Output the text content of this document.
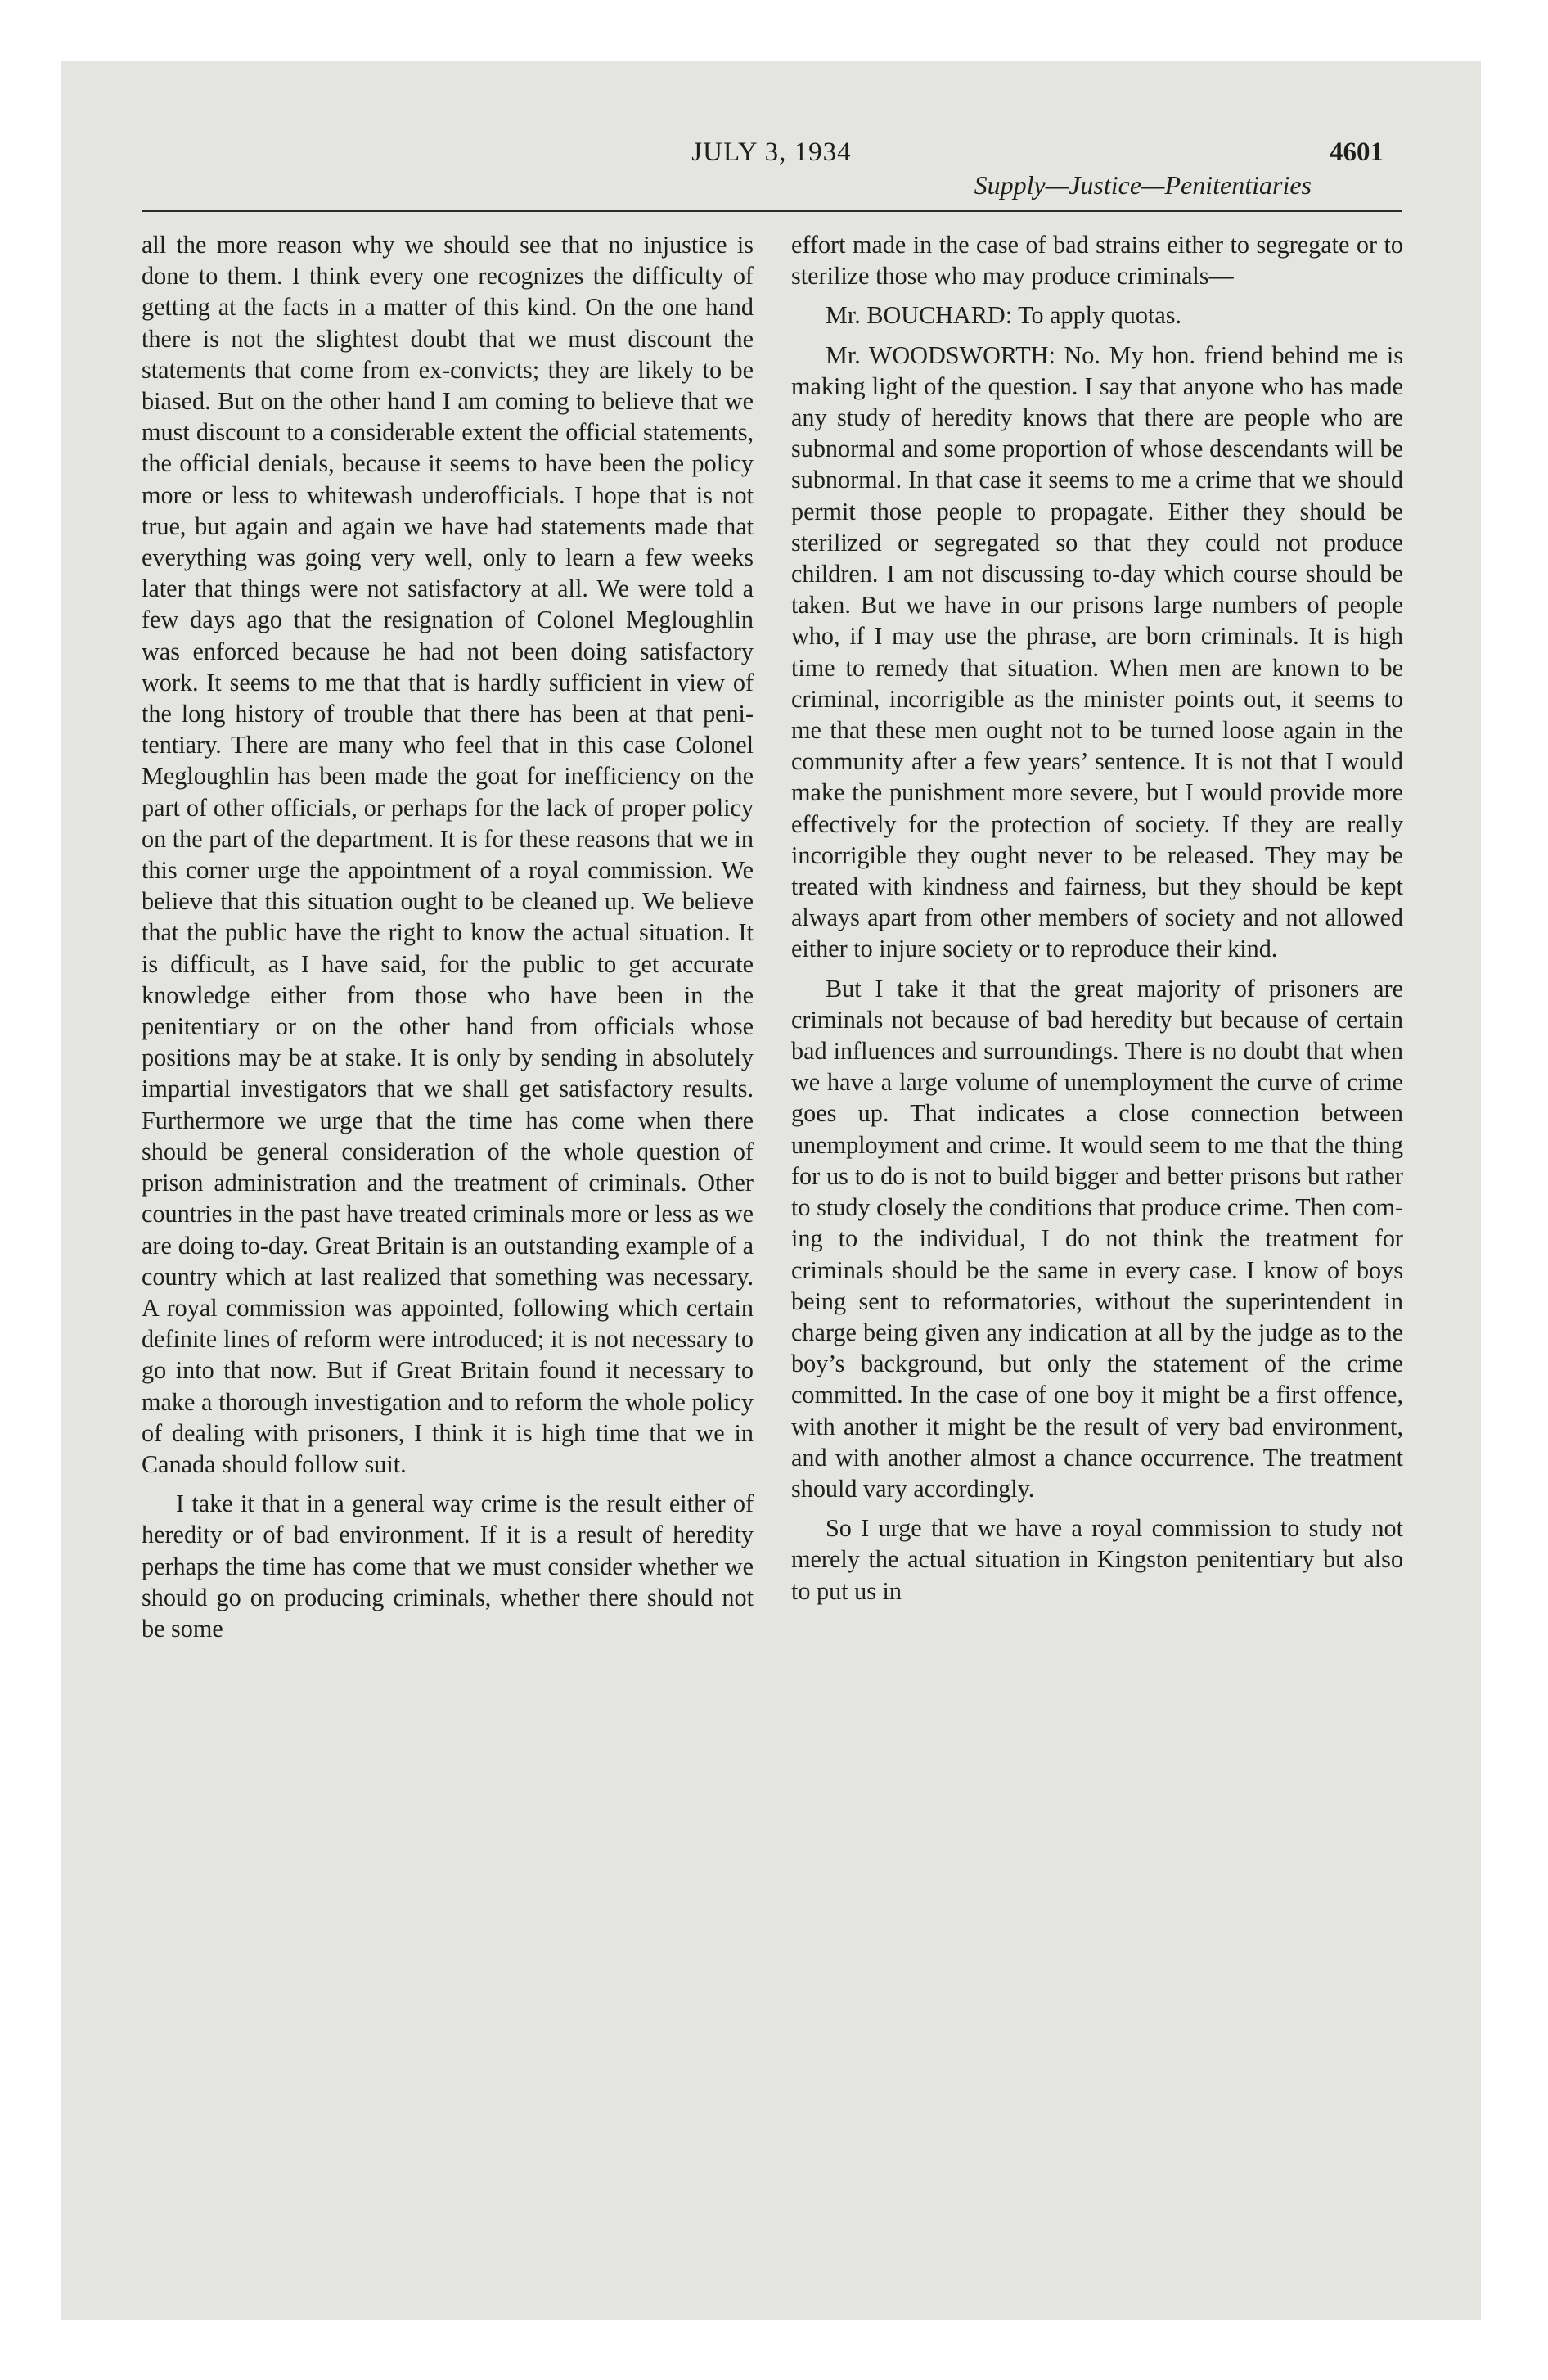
JULY 3, 1934	4601
Supply—Justice—Penitentiaries

all the more reason why we should see that no injustice is done to them. I think every one recognizes the difficulty of getting at the facts in a matter of this kind. On the one hand there is not the slightest doubt that we must discount the statements that come from ex-convicts; they are likely to be biased. But on the other hand I am coming to believe that we must discount to a considerable extent the official statements, the official denials, because it seems to have been the policy more or less to whitewash underofficials. I hope that is not true, but again and again we have had statements made that everything was going very well, only to learn a few weeks later that things were not satisfactory at all. We were told a few days ago that the resignation of Colonel Megloughlin was enforced because he had not been doing satisfactory work. It seems to me that that is hardly sufficient in view of the long history of trouble that there has been at that penitentiary. There are many who feel that in this case Colonel Megloughlin has been made the goat for inefficiency on the part of other officials, or perhaps for the lack of proper policy on the part of the department. It is for these reasons that we in this corner urge the appointment of a royal commission. We believe that this situation ought to be cleaned up. We believe that the public have the right to know the actual situation. It is difficult, as I have said, for the public to get accurate knowledge either from those who have been in the penitentiary or on the other hand from officials whose positions may be at stake. It is only by sending in absolutely impartial investigators that we shall get satisfactory results. Furthermore we urge that the time has come when there should be general consideration of the whole question of prison administration and the treatment of criminals. Other countries in the past have treated criminals more or less as we are doing to-day. Great Britain is an outstanding example of a country which at last realized that something was necessary. A royal commission was appointed, following which certain definite lines of reform were introduced; it is not necessary to go into that now. But if Great Britain found it necessary to make a thorough investigation and to reform the whole policy of dealing with prisoners, I think it is high time that we in Canada should follow suit.

I take it that in a general way crime is the result either of heredity or of bad environment. If it is a result of heredity perhaps the time has come that we must consider whether we should go on producing criminals, whether there should not be some

effort made in the case of bad strains either to segregate or to sterilize those who may produce criminals—

Mr. BOUCHARD: To apply quotas.

Mr. WOODSWORTH: No. My hon. friend behind me is making light of the question. I say that anyone who has made any study of heredity knows that there are people who are subnormal and some proportion of whose descendants will be subnormal. In that case it seems to me a crime that we should permit those people to propagate. Either they should be sterilized or segregated so that they could not produce children. I am not discussing to-day which course should be taken. But we have in our prisons large numbers of people who, if I may use the phrase, are born criminals. It is high time to remedy that situation. When men are known to be criminal, incorrigible as the minister points out, it seems to me that these men ought not to be turned loose again in the community after a few years’ sentence. It is not that I would make the punishment more severe, but I would provide more effectively for the protection of society. If they are really incorrigible they ought never to be released. They may be treated with kindness and fairness, but they should be kept always apart from other members of society and not allowed either to injure society or to reproduce their kind.

But I take it that the great majority of prisoners are criminals not because of bad heredity but because of certain bad influences and surroundings. There is no doubt that when we have a large volume of unemployment the curve of crime goes up. That indicates a close connection between unemployment and crime. It would seem to me that the thing for us to do is not to build bigger and better prisons but rather to study closely the conditions that produce crime. Then coming to the individual, I do not think the treatment for criminals should be the same in every case. I know of boys being sent to reformatories, without the superintendent in charge being given any indication at all by the judge as to the boy’s background, but only the statement of the crime committed. In the case of one boy it might be a first offence, with another it might be the result of very bad environment, and with another almost a chance occurrence. The treatment should vary accordingly.

So I urge that we have a royal commission to study not merely the actual situation in Kingston penitentiary but also to put us in
